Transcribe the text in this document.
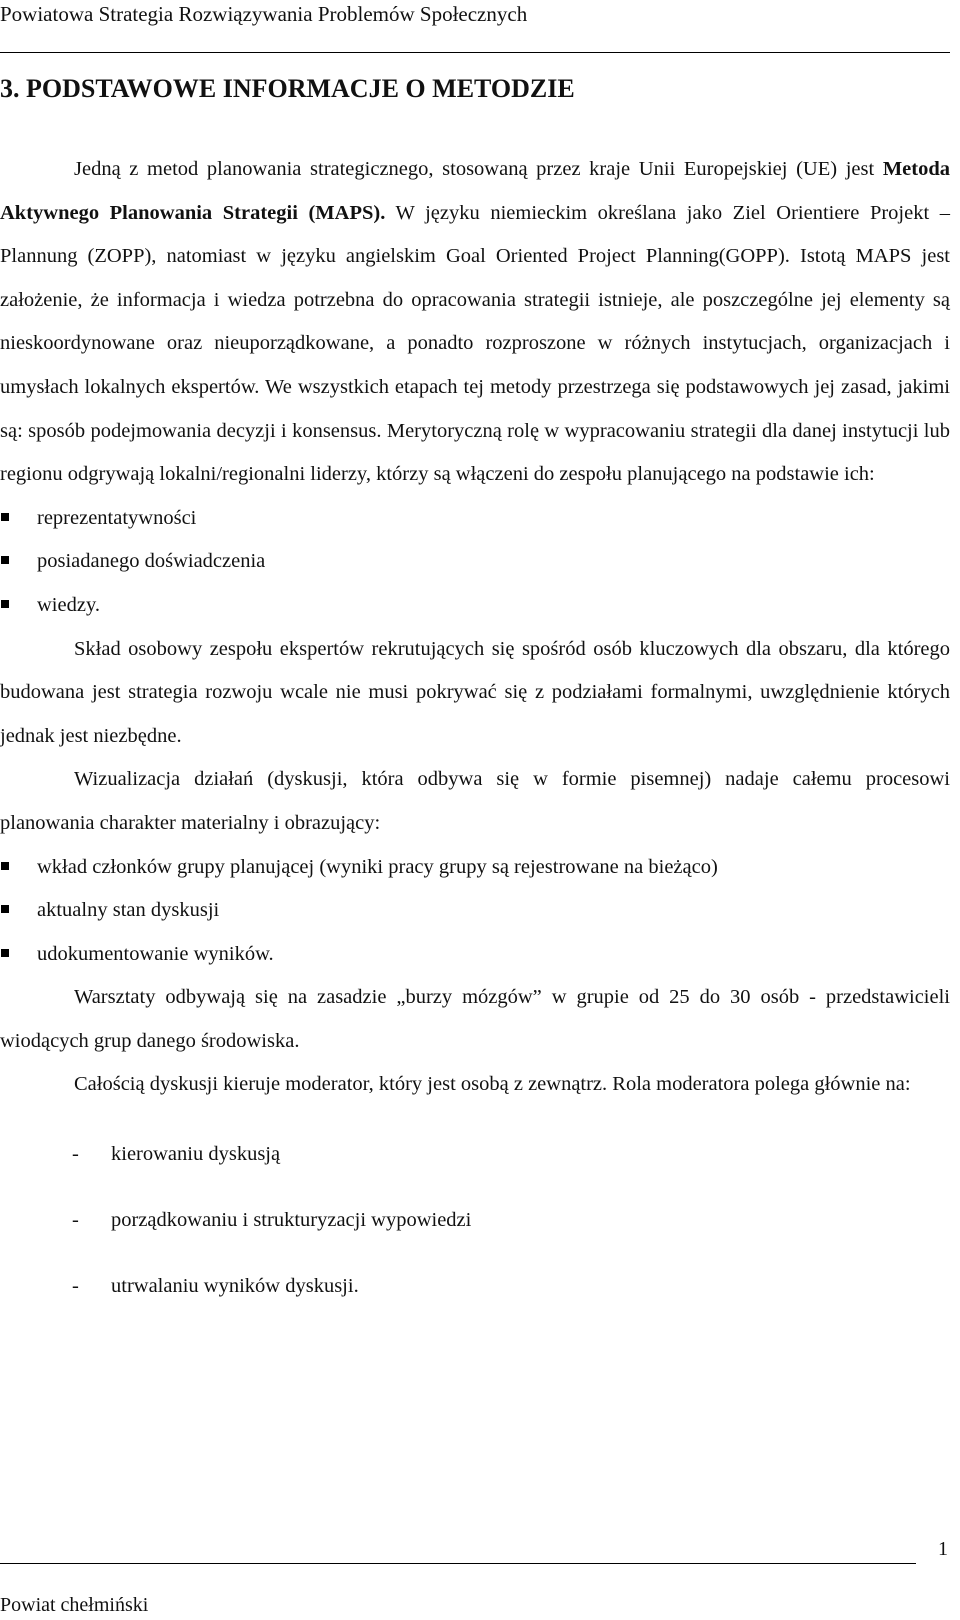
Powiatowa Strategia Rozwiązywania Problemów Społecznych
3. PODSTAWOWE INFORMACJE O METODZIE

Jedną z metod planowania strategicznego, stosowaną przez kraje Unii Europejskiej (UE) jest Metoda Aktywnego Planowania Strategii (MAPS). W języku niemieckim określana jako Ziel Orientiere Projekt – Plannung (ZOPP), natomiast w języku angielskim Goal Oriented Project Planning(GOPP). Istotą MAPS jest założenie, że informacja i wiedza potrzebna do opracowania strategii istnieje, ale poszczególne jej elementy są nieskoordynowane oraz nieuporządkowane, a ponadto rozproszone w różnych instytucjach, organizacjach i umysłach lokalnych ekspertów. We wszystkich etapach tej metody przestrzega się podstawowych jej zasad, jakimi są: sposób podejmowania decyzji i konsensus. Merytoryczną rolę w wypracowaniu strategii dla danej instytucji lub regionu odgrywają lokalni/regionalni liderzy, którzy są włączeni do zespołu planującego na podstawie ich:

reprezentatywności
posiadanego doświadczenia
wiedzy.

Skład osobowy zespołu ekspertów rekrutujących się spośród osób kluczowych dla obszaru, dla którego budowana jest strategia rozwoju wcale nie musi pokrywać się z podziałami formalnymi, uwzględnienie których jednak jest niezbędne.

Wizualizacja działań (dyskusji, która odbywa się w formie pisemnej) nadaje całemu procesowi planowania charakter materialny i obrazujący:

wkład członków grupy planującej (wyniki pracy grupy są rejestrowane na bieżąco)
aktualny stan dyskusji
udokumentowanie wyników.

Warsztaty odbywają się na zasadzie „burzy mózgów” w grupie od 25 do 30 osób - przedstawicieli wiodących grup danego środowiska.

Całością dyskusji kieruje moderator, który jest osobą z zewnątrz. Rola moderatora polega głównie na:

- kierowaniu dyskusją
- porządkowaniu i strukturyzacji wypowiedzi
- utrwalaniu wyników dyskusji.
1
Powiat chełmiński
